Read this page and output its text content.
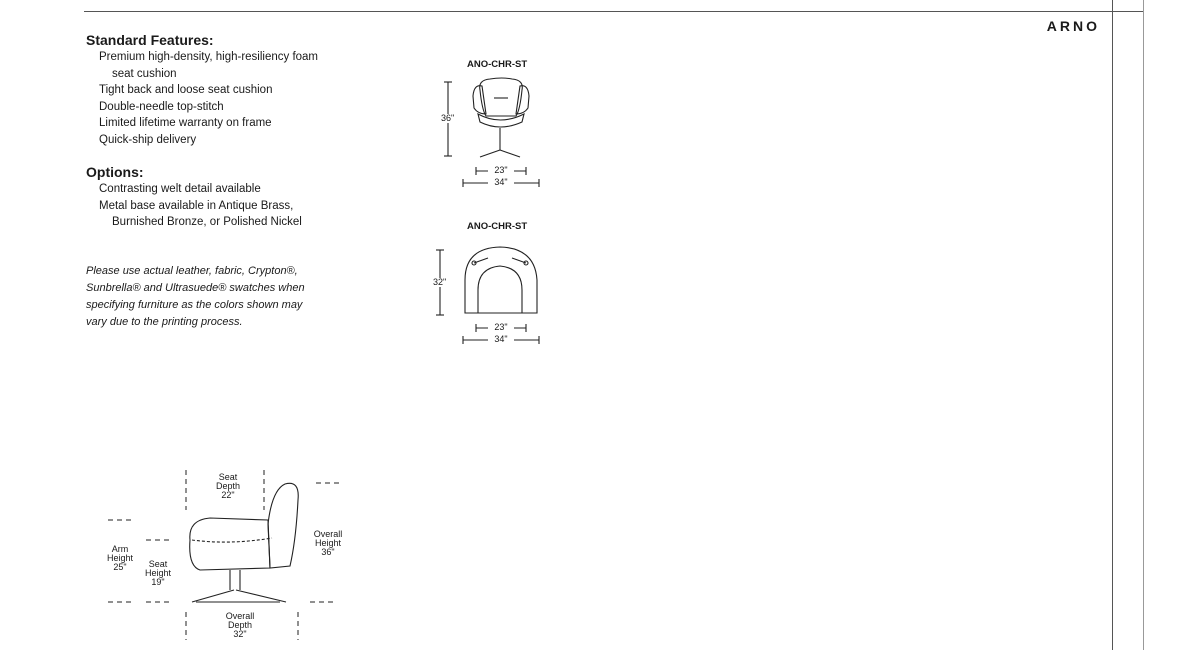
ARNO
Standard Features:
Premium high-density, high-resiliency foam
seat cushion
Tight back and loose seat cushion
Double-needle top-stitch
Limited lifetime warranty on frame
Quick-ship delivery
Options:
Contrasting welt detail available
Metal base available in Antique Brass,
Burnished Bronze, or Polished Nickel
Please use actual leather, fabric, Crypton®,
Sunbrella® and Ultrasuede® swatches when
specifying furniture as the colors shown may
vary due to the printing process.
ANO-CHR-ST
36"
23"
34"
ANO-CHR-ST
32"
23"
34"
Seat
Depth
22"
Overall
Height
36"
Arm
Height
25"	Seat
Height
19"
Overall
Depth
32"
